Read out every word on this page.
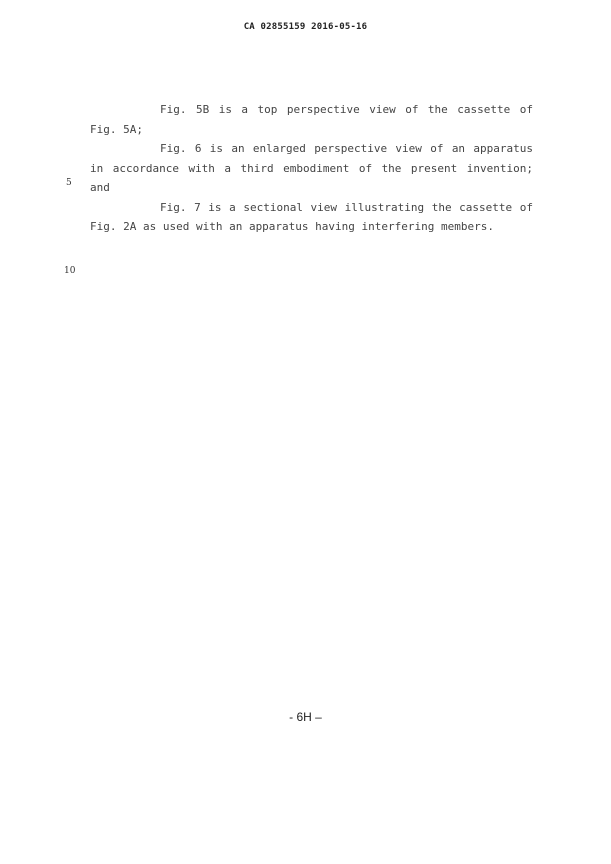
CA 02855159 2016-05-16

Fig. 5B is a top perspective view of the cassette of Fig. 5A;

Fig. 6 is an enlarged perspective view of an apparatus in accordance with a third embodiment of the present invention; and

Fig. 7 is a sectional view illustrating the cassette of Fig. 2A as used with an apparatus having interfering members.

5
10
- 6H –
